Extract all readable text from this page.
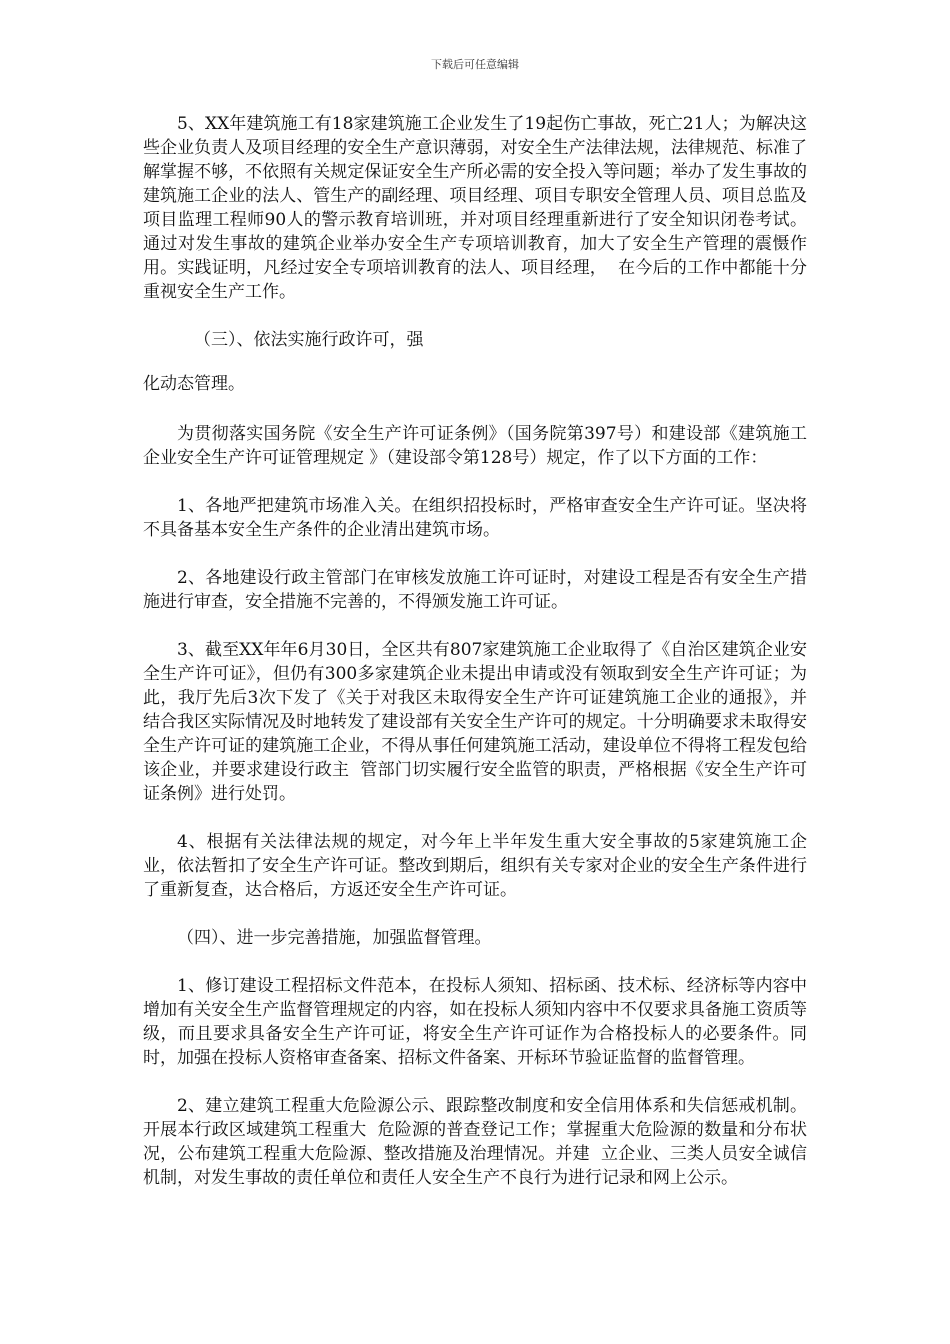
下载后可任意编辑

5、XX年建筑施工有18家建筑施工企业发生了19起伤亡事故，死亡21人；为解决这些企业负责人及项目经理的安全生产意识薄弱，对安全生产法律法规，法律规范、标准了  解掌握不够，不依照有关规定保证安全生产所必需的安全投入等问题；举办了发生事故的建筑施工企业的法人、管生产的副经理、项目经理、项目专职安全管理人员、项目总监及项目监理工程师90人的警示教育培训班，并对项目经理重新进行了安全知识闭卷考试。通过对发生事故的建筑企业举办安全生产专项培训教育，加大了安全生产管理的震慑作用。实践证明，凡经过安全专项培训教育的法人、项目经理，  在今后的工作中都能十分重视安全生产工作。

（三）、依法实施行政许可，强

化动态管理。

为贯彻落实国务院《安全生产许可证条例》（国务院第397号）和建设部《建筑施工企业安全生产许可证管理规定 》（建设部令第128号）规定，作了以下方面的工作：

1、各地严把建筑市场准入关。在组织招投标时，严格审查安全生产许可证。坚决将不具备基本安全生产条件的企业清出建筑市场。

2、各地建设行政主管部门在审核发放施工许可证时，对建设工程是否有安全生产措施进行审查，安全措施不完善的，不得颁发施工许可证。

3、截至XX年年6月30日，全区共有807家建筑施工企业取得了《自治区建筑企业安全生产许可证》，但仍有300多家建筑企业未提出申请或没有领取到安全生产许可证；为此，我厅先后3次下发了《关于对我区未取得安全生产许可证建筑施工企业的通报》，并结合我区实际情况及时地转发了建设部有关安全生产许可的规定。十分明确要求未取得安  全生产许可证的建筑施工企业，不得从事任何建筑施工活动，建设单位不得将工程发包给该企业，并要求建设行政主  管部门切实履行安全监管的职责，严格根据《安全生产许可证条例》进行处罚。

4、根据有关法律法规的规定，对今年上半年发生重大安全事故的5家建筑施工企业，依法暂扣了安全生产许可证。整改到期后，组织有关专家对企业的安全生产条件进行了重新复查，达合格后，方返还安全生产许可证。

（四）、进一步完善措施，加强监督管理。

1、修订建设工程招标文件范本，在投标人须知、招标函、技术标、经济标等内容中增加有关安全生产监督管理规定的内容，如在投标人须知内容中不仅要求具备施工资质等级，而且要求具备安全生产许可证，将安全生产许可证作为合格投标人的必要条件。同时，加强在投标人资格审查备案、招标文件备案、开标环节验证监督的监督管理。

2、建立建筑工程重大危险源公示、跟踪整改制度和安全信用体系和失信惩戒机制。开展本行政区域建筑工程重大  危险源的普查登记工作；掌握重大危险源的数量和分布状况，公布建筑工程重大危险源、整改措施及治理情况。并建  立企业、三类人员安全诚信机制，对发生事故的责任单位和责任人安全生产不良行为进行记录和网上公示。
